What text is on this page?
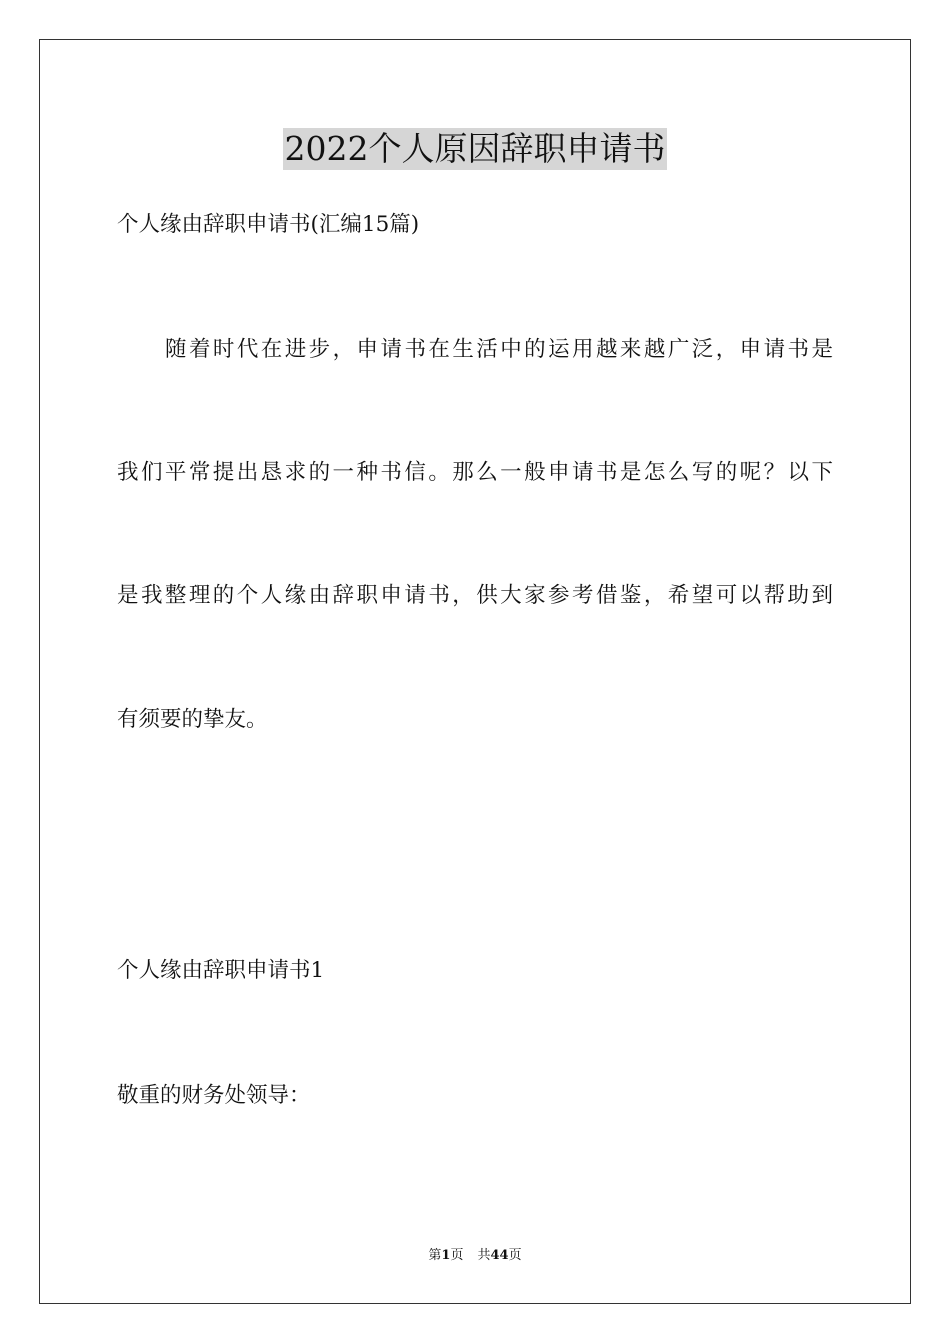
2022个人原因辞职申请书
个人缘由辞职申请书(汇编15篇)
随着时代在进步，申请书在生活中的运用越来越广泛，申请书是
我们平常提出恳求的一种书信。那么一般申请书是怎么写的呢？以下
是我整理的个人缘由辞职申请书，供大家参考借鉴，希望可以帮助到
有须要的挚友。
个人缘由辞职申请书1
敬重的财务处领导：
第1页 共44页
